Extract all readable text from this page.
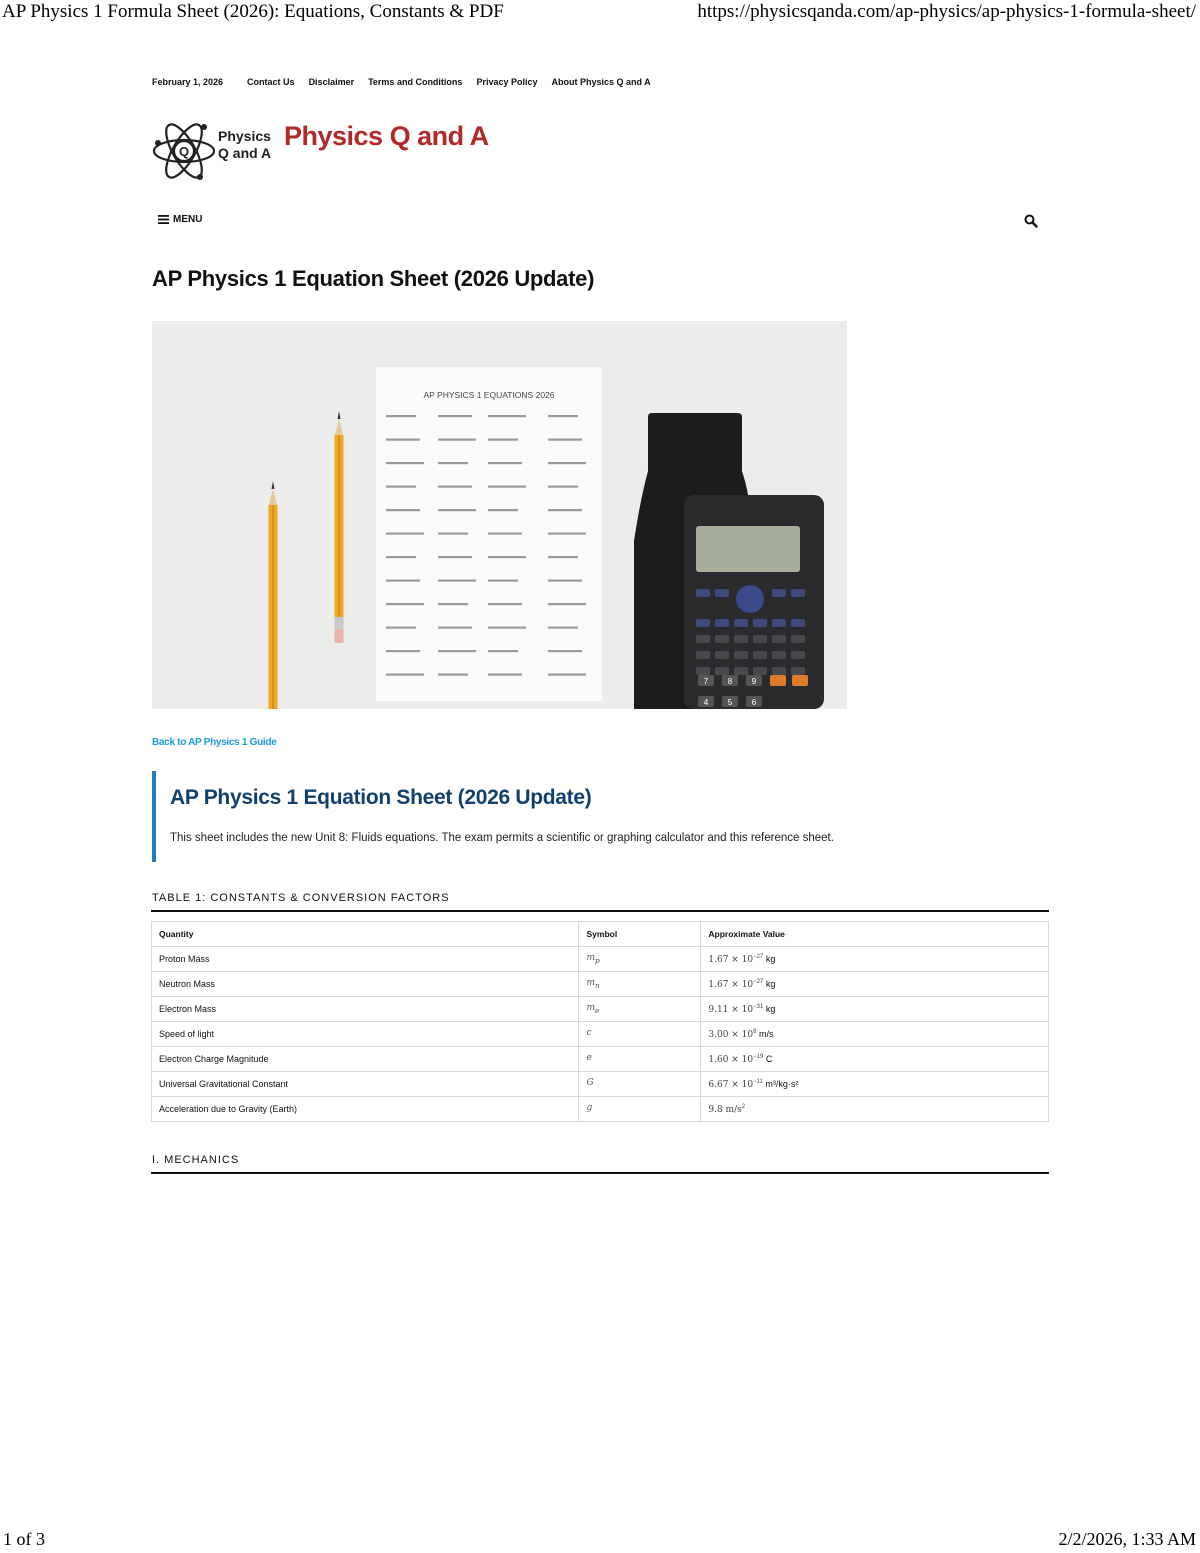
AP Physics 1 Formula Sheet (2026): Equations, Constants & PDF	https://physicsqanda.com/ap-physics/ap-physics-1-formula-sheet/
February 1, 2026	Contact Us Disclaimer Terms and Conditions Privacy Policy About Physics Q and A
Q
Physics
Q and A
Physics Q and A
MENU
AP Physics 1 Equation Sheet (2026 Update)
AP PHYSICS 1 EQUATIONS 2026
7 8 9
4 5 6
Back to AP Physics 1 Guide
AP Physics 1 Equation Sheet (2026 Update)

This sheet includes the new Unit 8: Fluids equations. The exam permits a scientific or graphing calculator and this reference sheet.

TABLE 1: CONSTANTS & CONVERSION FACTORS
Quantity	Symbol	Approximate Value
Proton Mass	$m_p$	$1.67 \times 10^{-27}$ kg
Neutron Mass	$m_n$	$1.67 \times 10^{-27}$ kg
Electron Mass	$m_e$	$9.11 \times 10^{-31}$ kg
Speed of light	c	$3.00 \times 10^8$ m/s
Electron Charge Magnitude	e	$1.60 \times 10^{-19}$ C
Universal Gravitational Constant	G	$6.67 \times 10^{-11}$ m³/kg·s²
Acceleration due to Gravity (Earth)	g	9.8 $m/s^2$
I. MECHANICS
1 of 3	2/2/2026, 1:33 AM
